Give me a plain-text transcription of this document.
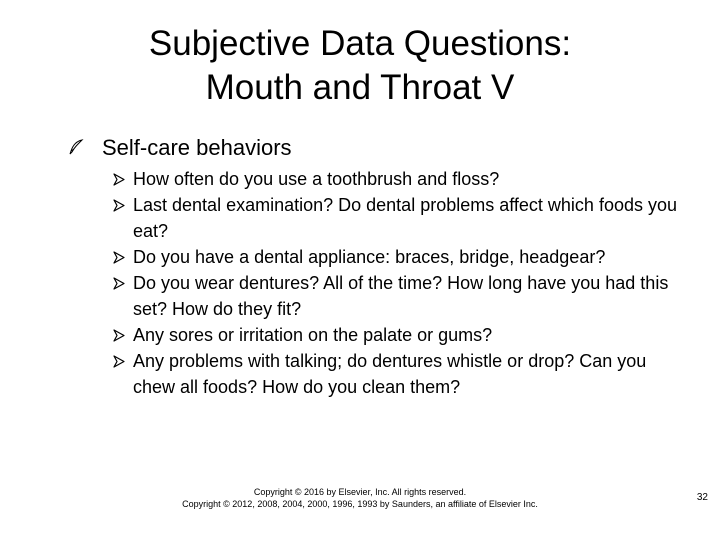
Subjective Data Questions:
Mouth and Throat V
Self-care behaviors
How often do you use a toothbrush and floss?
Last dental examination? Do dental problems affect which foods you eat?
Do you have a dental appliance: braces, bridge, headgear?
Do you wear dentures? All of the time? How long have you had this set? How do they fit?
Any sores or irritation on the palate or gums?
Any problems with talking; do dentures whistle or drop? Can you chew all foods? How do you clean them?
Copyright © 2016 by Elsevier, Inc. All rights reserved.
Copyright © 2012, 2008, 2004, 2000, 1996, 1993 by Saunders, an affiliate of Elsevier Inc.
32
